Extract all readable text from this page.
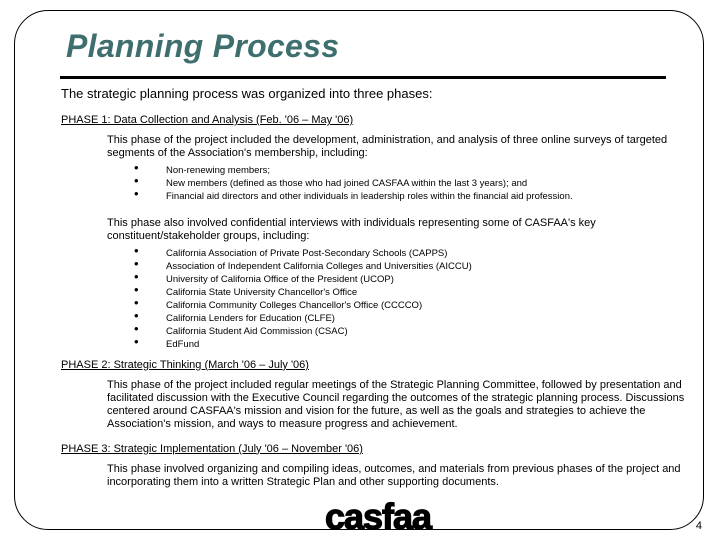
Planning Process

The strategic planning process was organized into three phases:

PHASE 1: Data Collection and Analysis (Feb. '06 – May '06)

This phase of the project included the development, administration, and analysis of three online surveys of targeted segments of the Association's membership, including:

•	Non-renewing members;
•	New members (defined as those who had joined CASFAA within the last 3 years); and
•	Financial aid directors and other individuals in leadership roles within the financial aid profession.

This phase also involved confidential interviews with individuals representing some of CASFAA's key constituent/stakeholder groups, including:

•	California Association of Private Post-Secondary Schools (CAPPS)
•	Association of Independent California Colleges and Universities (AICCU)
•	University of California Office of the President (UCOP)
•	California State University Chancellor's Office
•	California Community Colleges Chancellor's Office (CCCCO)
•	California Lenders for Education (CLFE)
•	California Student Aid Commission (CSAC)
•	EdFund

PHASE 2: Strategic Thinking (March '06 – July '06)

This phase of the project included regular meetings of the Strategic Planning Committee, followed by presentation and facilitated discussion with the Executive Council regarding the outcomes of the strategic planning process. Discussions centered around CASFAA's mission and vision for the future, as well as the goals and strategies to achieve the Association's mission, and ways to measure progress and achievement.

PHASE 3: Strategic Implementation (July '06 – November '06)

This phase involved organizing and compiling ideas, outcomes, and materials from previous phases of the project and incorporating them into a written Strategic Plan and other supporting documents.

casfaa	4
